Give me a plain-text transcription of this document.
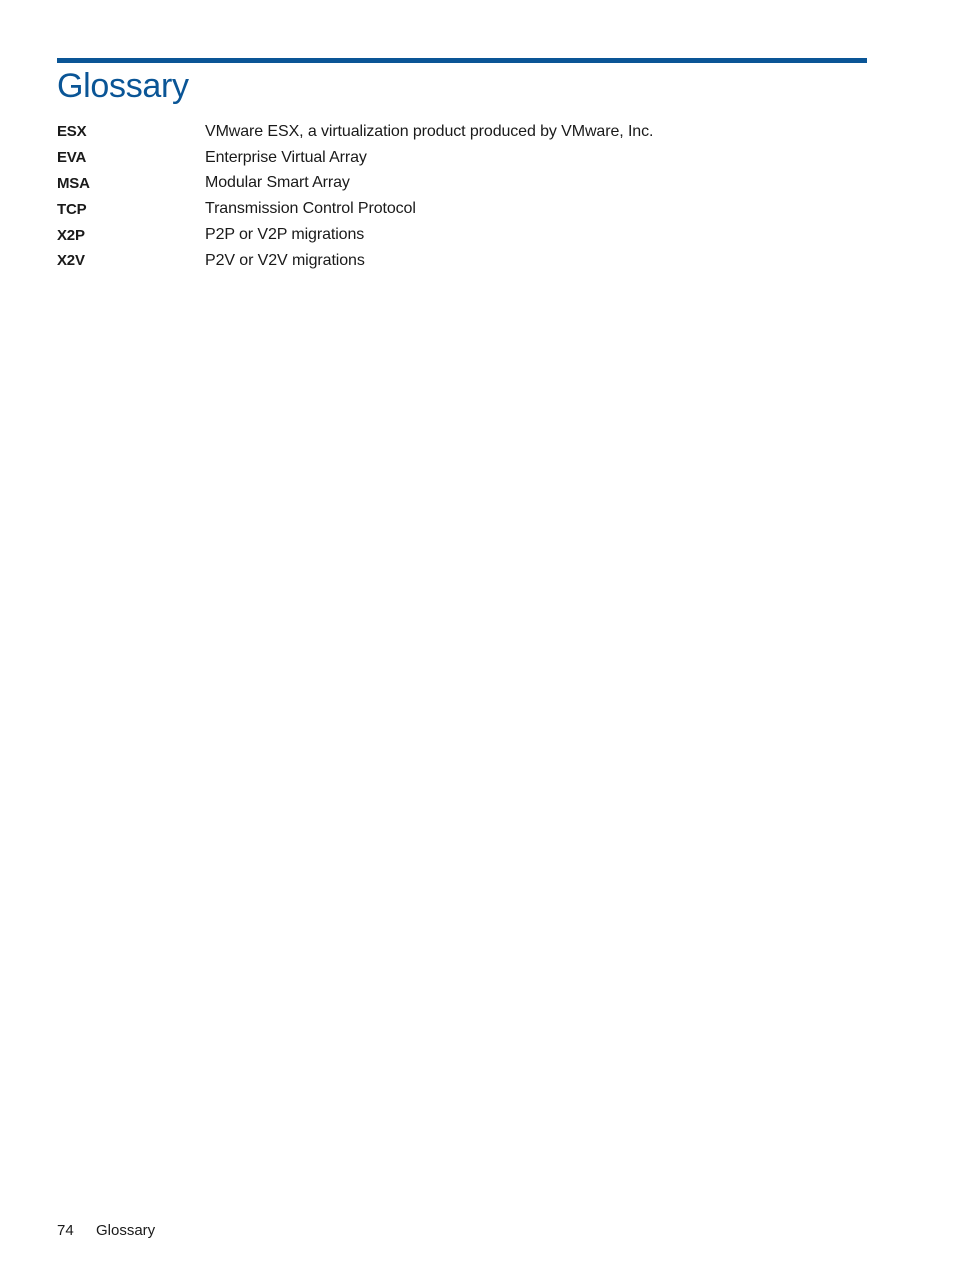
Glossary
ESX	VMware ESX, a virtualization product produced by VMware, Inc.
EVA	Enterprise Virtual Array
MSA	Modular Smart Array
TCP	Transmission Control Protocol
X2P	P2P or V2P migrations
X2V	P2V or V2V migrations
74	Glossary
